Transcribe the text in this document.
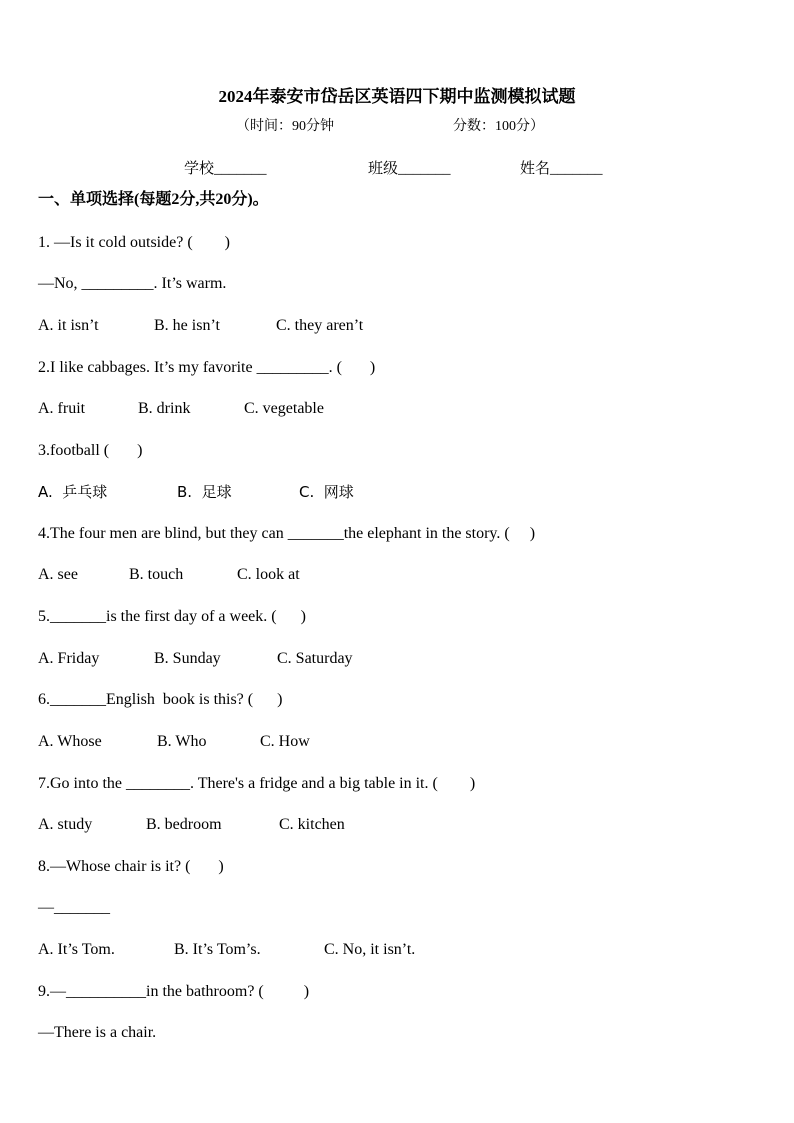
2024年泰安市岱岳区英语四下期中监测模拟试题
（时间：90分钟	分数：100分）
学校_______	班级_______	姓名_______
一、单项选择(每题2分,共20分)。
1. —Is it cold outside? (        )
—No, _________. It’s warm.
A. it isn’t	B. he isn’t	C. they aren’t
2.I like cabbages. It’s my favorite _________. (       )
A. fruit	B. drink	C. vegetable
3.football (       )
A.  乒乓球	B.  足球	C.  网球
4.The four men are blind, but they can _______the elephant in the story. (     )
A. see	B. touch	C. look at
5._______is the first day of a week. (      )
A. Friday	B. Sunday	C. Saturday
6._______English  book is this? (      )
A. Whose	B. Who	C. How
7.Go into the ________. There's a fridge and a big table in it. (        )
A. study	B. bedroom	C. kitchen
8.—Whose chair is it? (       )
—_______
A. It’s Tom.	B. It’s Tom’s.	C. No, it isn’t.
9.—__________in the bathroom? (          )
—There is a chair.
